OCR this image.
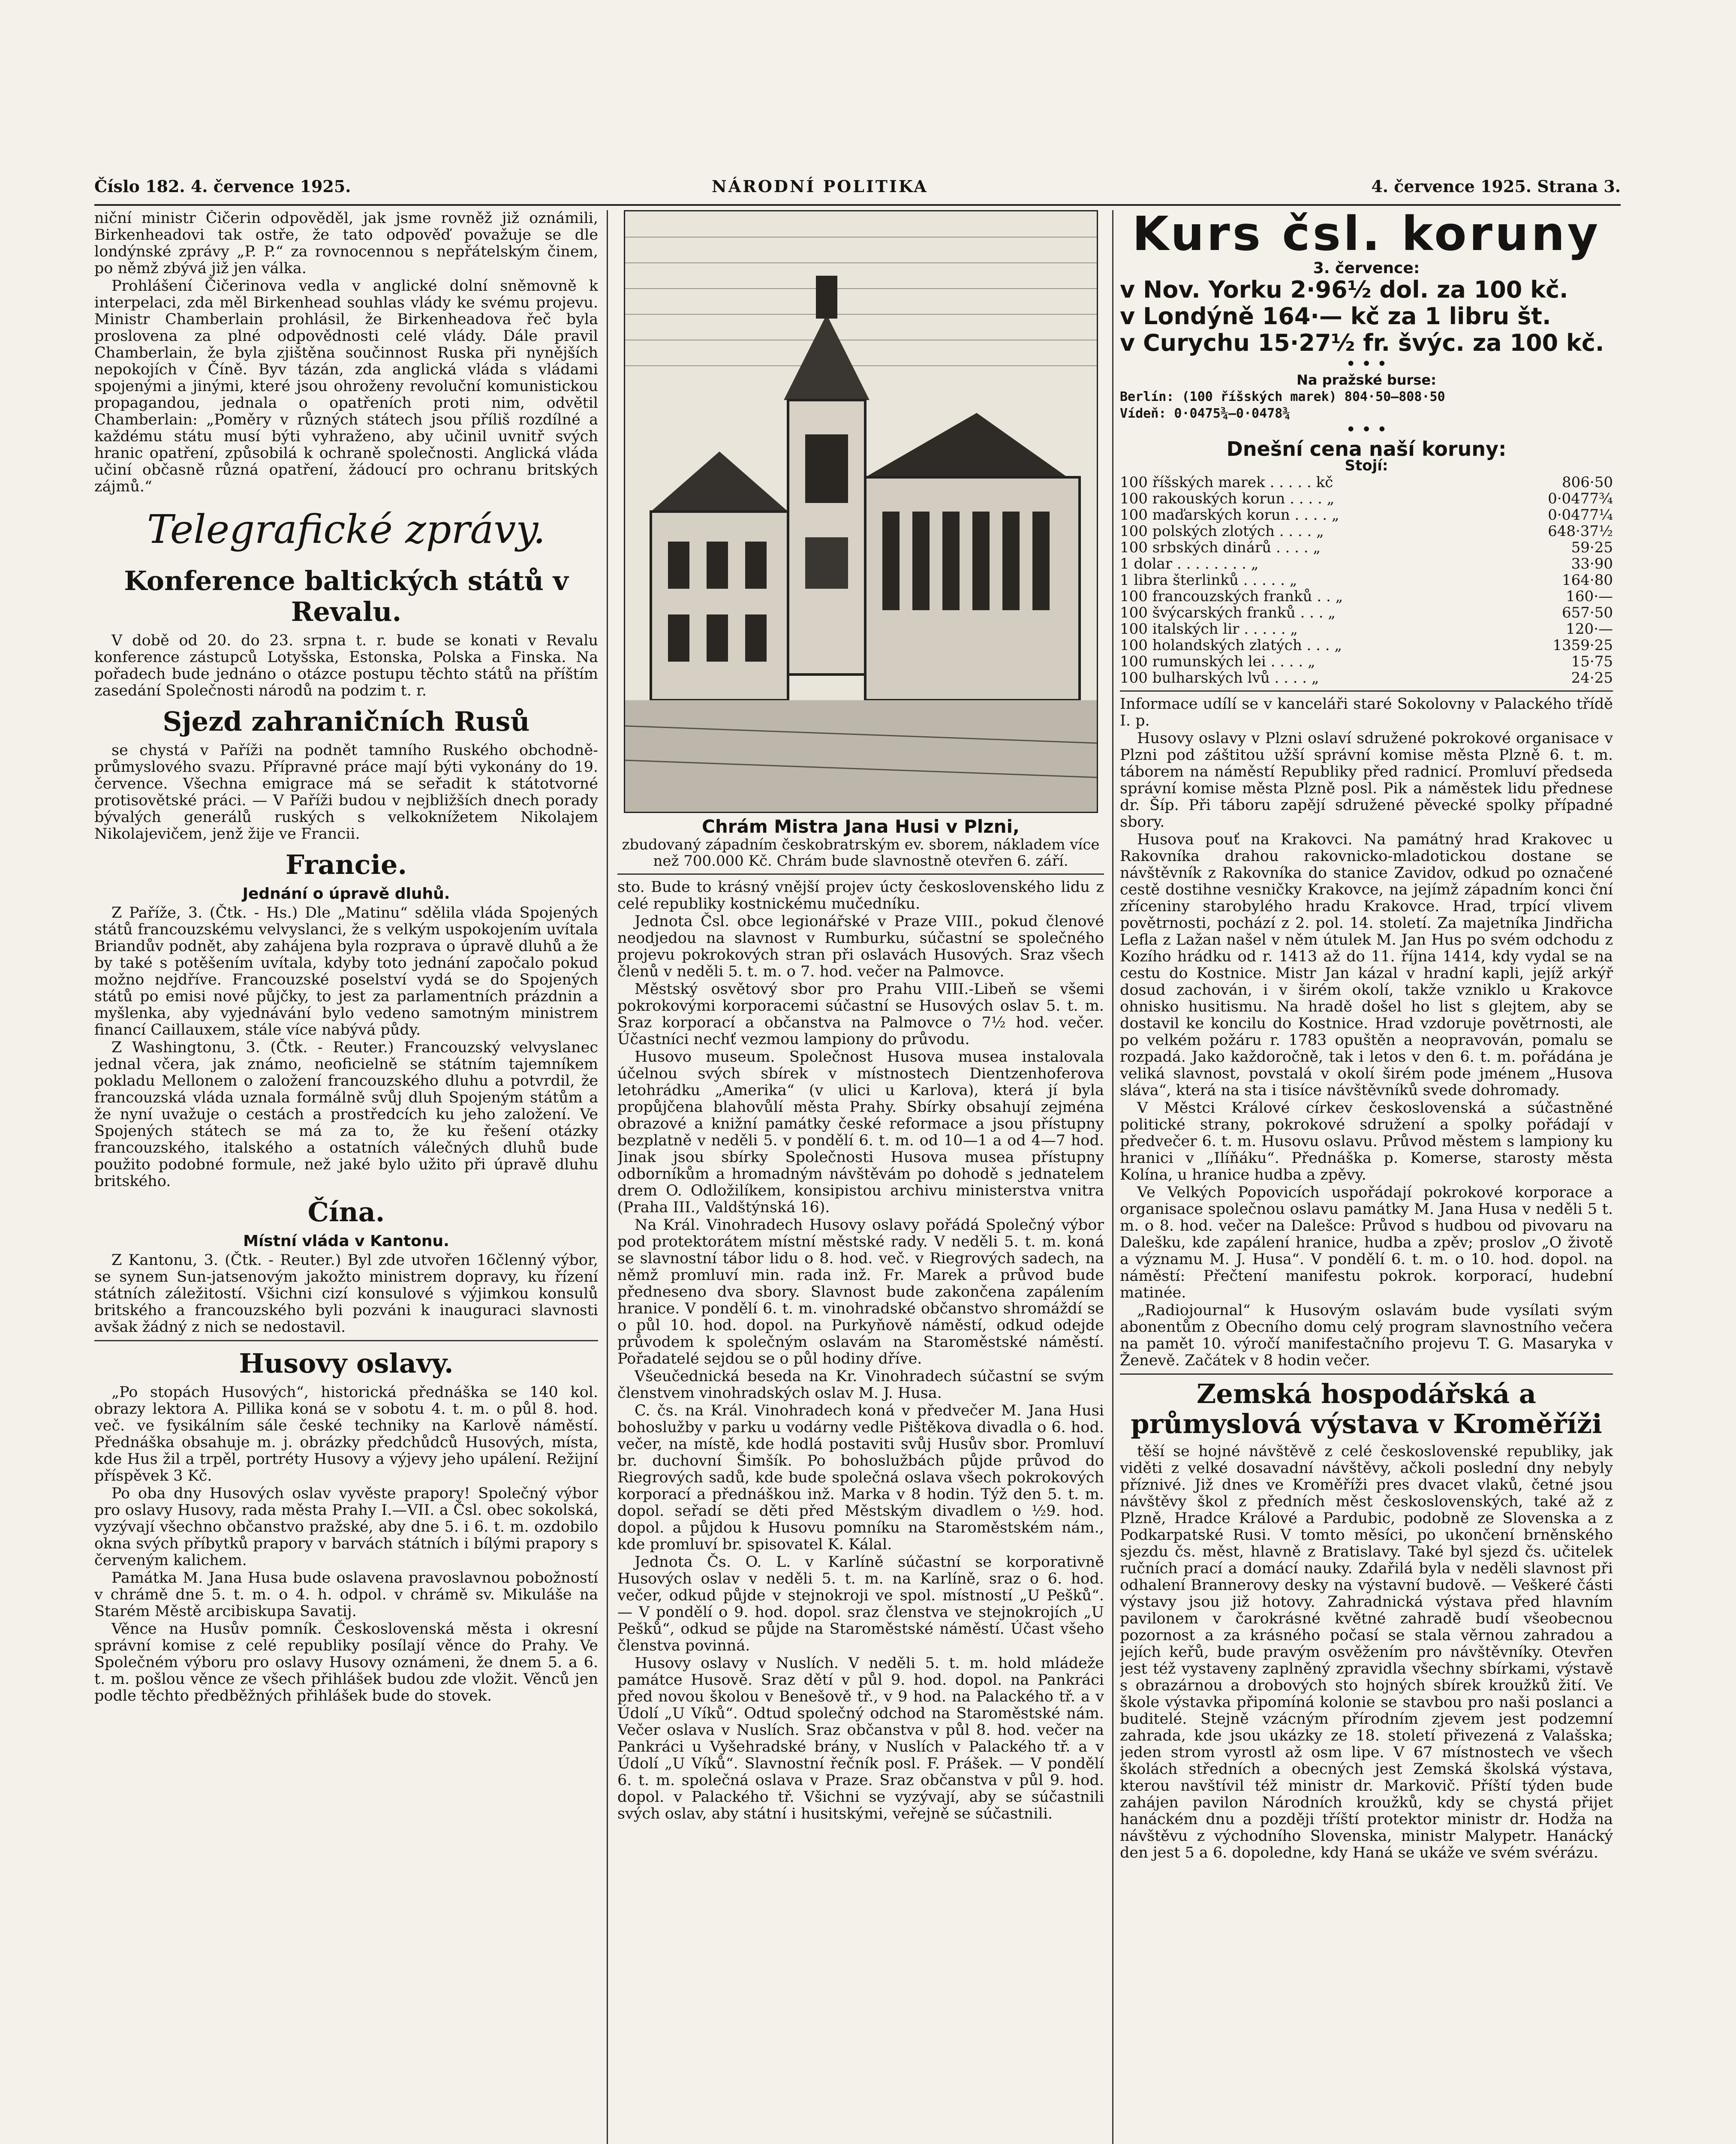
Číslo 182. 4. července 1925.	NÁRODNÍ POLITIKA	4. července 1925. Strana 3.

niční ministr Čičerin odpověděl, jak jsme rovněž již oznámili, Birkenheadovi tak ostře, že tato odpověď považuje se dle londýnské zprávy „P. P.“ za rovnocennou s nepřátelským činem, po němž zbývá již jen válka.

Prohlášení Čičerinova vedla v anglické dolní sněmovně k interpelaci, zda měl Birkenhead souhlas vlády ke svému projevu. Ministr Chamberlain prohlásil, že Birkenheadova řeč byla proslovena za plné odpovědnosti celé vlády. Dále pravil Chamberlain, že byla zjištěna součinnost Ruska při nynějších nepokojích v Číně. Byv tázán, zda anglická vláda s vládami spojenými a jinými, které jsou ohroženy revoluční komunistickou propagandou, jednala o opatřeních proti nim, odvětil Chamberlain: „Poměry v různých státech jsou příliš rozdílné a každému státu musí býti vyhraženo, aby učinil uvnitř svých hranic opatření, způsobilá k ochraně společnosti. Anglická vláda učiní občasně různá opatření, žádoucí pro ochranu britských zájmů.“

Telegrafické zprávy.
Konference baltických států v Revalu.

V době od 20. do 23. srpna t. r. bude se konati v Revalu konference zástupců Lotyšska, Estonska, Polska a Finska. Na pořadech bude jednáno o otázce postupu těchto států na příštím zasedání Společnosti národů na podzim t. r.

Sjezd zahraničních Rusů

se chystá v Paříži na podnět tamního Ruského obchodně-průmyslového svazu. Přípravné práce mají býti vykonány do 19. července. Všechna emigrace má se seřadit k státotvorné protisovětské práci. — V Paříži budou v nejbližších dnech porady bývalých generálů ruských s velkoknížetem Nikolajem Nikolajevičem, jenž žije ve Francii.

Francie.
Jednání o úpravě dluhů.

Z Paříže, 3. (Čtk. - Hs.) Dle „Matinu“ sdělila vláda Spojených států francouzskému velvyslanci, že s velkým uspokojením uvítala Briandův podnět, aby zahájena byla rozprava o úpravě dluhů a že by také s potěšením uvítala, kdyby toto jednání započalo pokud možno nejdříve. Francouzské poselství vydá se do Spojených států po emisi nové půjčky, to jest za parlamentních prázdnin a myšlenka, aby vyjednávání bylo vedeno samotným ministrem financí Caillauxem, stále více nabývá půdy.

Z Washingtonu, 3. (Čtk. - Reuter.) Francouzský velvyslanec jednal včera, jak známo, neoficielně se státním tajemníkem pokladu Mellonem o založení francouzského dluhu a potvrdil, že francouzská vláda uznala formálně svůj dluh Spojeným státům a že nyní uvažuje o cestách a prostředcích ku jeho založení. Ve Spojených státech se má za to, že ku řešení otázky francouzského, italského a ostatních válečných dluhů bude použito podobné formule, než jaké bylo užito při úpravě dluhu britského.

Čína.
Místní vláda v Kantonu.

Z Kantonu, 3. (Čtk. - Reuter.) Byl zde utvořen 16členný výbor, se synem Sun-jatsenovým jakožto ministrem dopravy, ku řízení státních záležitostí. Všichni cizí konsulové s výjimkou konsulů britského a francouzského byli pozváni k inauguraci slavnosti avšak žádný z nich se nedostavil.

Husovy oslavy.

„Po stopách Husových“, historická přednáška se 140 kol. obrazy lektora A. Pillika koná se v sobotu 4. t. m. o půl 8. hod. več. ve fysikálním sále české techniky na Karlově náměstí. Přednáška obsahuje m. j. obrázky předchůdců Husových, místa, kde Hus žil a trpěl, portréty Husovy a výjevy jeho upálení. Režijní příspěvek 3 Kč.

Po oba dny Husových oslav vyvěste prapory! Společný výbor pro oslavy Husovy, rada města Prahy I.—VII. a Čsl. obec sokolská, vyzývají všechno občanstvo pražské, aby dne 5. i 6. t. m. ozdobilo okna svých příbytků prapory v barvách státních i bílými prapory s červeným kalichem.

Památka M. Jana Husa bude oslavena pravoslavnou pobožností v chrámě dne 5. t. m. o 4. h. odpol. v chrámě sv. Mikuláše na Starém Městě arcibiskupa Savatij.

Věnce na Husův pomník. Československá města i okresní správní komise z celé republiky posílají věnce do Prahy. Ve Společném výboru pro oslavy Husovy oznámeni, že dnem 5. a 6. t. m. pošlou věnce ze všech přihlášek budou zde vložit. Věnců jen podle těchto předběžných přihlášek bude do stovek.

Chrám Mistra Jana Husi v Plzni,
zbudovaný západním českobratrským ev. sborem, nákladem více než 700.000 Kč. Chrám bude slavnostně otevřen 6. září.

sto. Bude to krásný vnější projev úcty československého lidu z celé republiky kostnickému mučedníku.

Jednota Čsl. obce legionářské v Praze VIII., pokud členové neodjedou na slavnost v Rumburku, súčastní se společného projevu pokrokových stran při oslavách Husových. Sraz všech členů v neděli 5. t. m. o 7. hod. večer na Palmovce.

Městský osvětový sbor pro Prahu VIII.-Libeň se všemi pokrokovými korporacemi súčastní se Husových oslav 5. t. m. Sraz korporací a občanstva na Palmovce o 7½ hod. večer. Účastníci nechť vezmou lampiony do průvodu.

Husovo museum. Společnost Husova musea instalovala účelnou svých sbírek v místnostech Dientzenhoferova letohrádku „Amerika“ (v ulici u Karlova), která jí byla propůjčena blahovůlí města Prahy. Sbírky obsahují zejména obrazové a knižní památky české reformace a jsou přístupny bezplatně v neděli 5. v pondělí 6. t. m. od 10—1 a od 4—7 hod. Jinak jsou sbírky Společnosti Husova musea přístupny odborníkům a hromadným návštěvám po dohodě s jednatelem drem O. Odložilíkem, konsipistou archivu ministerstva vnitra (Praha III., Valdštýnská 16).

Na Král. Vinohradech Husovy oslavy pořádá Společný výbor pod protektorátem místní městské rady. V neděli 5. t. m. koná se slavnostní tábor lidu o 8. hod. več. v Riegrových sadech, na němž promluví min. rada inž. Fr. Marek a průvod bude předneseno dva sbory. Slavnost bude zakončena zapálením hranice. V pondělí 6. t. m. vinohradské občanstvo shromáždí se o půl 10. hod. dopol. na Purkyňově náměstí, odkud odejde průvodem k společným oslavám na Staroměstské náměstí. Pořadatelé sejdou se o půl hodiny dříve.

Všeučednická beseda na Kr. Vinohradech súčastní se svým členstvem vinohradských oslav M. J. Husa.

C. čs. na Král. Vinohradech koná v předvečer M. Jana Husi bohoslužby v parku u vodárny vedle Pištěkova divadla o 6. hod. večer, na místě, kde hodlá postaviti svůj Husův sbor. Promluví br. duchovní Šimšík. Po bohoslužbách půjde průvod do Riegrových sadů, kde bude společná oslava všech pokrokových korporací a přednáškou inž. Marka v 8 hodin. Týž den 5. t. m. dopol. seřadí se děti před Městským divadlem o ½9. hod. dopol. a půjdou k Husovu pomníku na Staroměstském nám., kde promluví br. spisovatel K. Kálal.

Jednota Čs. O. L. v Karlíně súčastní se korporativně Husových oslav v neděli 5. t. m. na Karlíně, sraz o 6. hod. večer, odkud půjde v stejnokroji ve spol. místností „U Pešků“. — V pondělí o 9. hod. dopol. sraz členstva ve stejnokrojích „U Pešků“, odkud se půjde na Staroměstské náměstí. Účast všeho členstva povinná.

Husovy oslavy v Nuslích. V neděli 5. t. m. hold mládeže památce Husově. Sraz dětí v půl 9. hod. dopol. na Pankráci před novou školou v Benešově tř., v 9 hod. na Palackého tř. a v Údolí „U Víků“. Odtud společný odchod na Staroměstské nám. Večer oslava v Nuslích. Sraz občanstva v půl 8. hod. večer na Pankráci u Vyšehradské brány, v Nuslích v Palackého tř. a v Údolí „U Víků“. Slavnostní řečník posl. F. Prášek. — V pondělí 6. t. m. společná oslava v Praze. Sraz občanstva v půl 9. hod. dopol. v Palackého tř. Všichni se vyzývají, aby se súčastnili svých oslav, aby státní i husitskými, veřejně se súčastnili.

Kurs čsl. koruny
3. července:
v Nov. Yorku 2·96½ dol. za 100 kč.
v Londýně 164·— kč za 1 libru št.
v Curychu 15·27½ fr. švýc. za 100 kč.
• • •
Na pražské burse:
Berlín: (100 říšských marek) 804·50—808·50
Vídeň: 0·0475¾—0·0478¾
• • •
Dnešní cena naší koruny:
Stojí:
100 říšských marek . . . . . kč	806·50
100 rakouských korun . . . . „	0·0477¾
100 maďarských korun . . . . „	0·0477¼
100 polských zlotých . . . . „	648·37½
100 srbských dinárů . . . . „	59·25
1 dolar . . . . . . . . „	33·90
1 libra šterlinků . . . . . „	164·80
100 francouzských franků . . „	160·—
100 švýcarských franků . . . „	657·50
100 italských lir . . . . . „	120·—
100 holandských zlatých . . . „	1359·25
100 rumunských lei . . . . „	15·75
100 bulharských lvů . . . . „	24·25

Informace udílí se v kanceláři staré Sokolovny v Palackého třídě I. p.

Husovy oslavy v Plzni oslaví sdružené pokrokové organisace v Plzni pod záštitou užší správní komise města Plzně 6. t. m. táborem na náměstí Republiky před radnicí. Promluví předseda správní komise města Plzně posl. Pik a náměstek lidu přednese dr. Šíp. Při táboru zapějí sdružené pěvecké spolky případné sbory.

Husova pouť na Krakovci. Na památný hrad Krakovec u Rakovníka drahou rakovnicko-mladotickou dostane se návštěvník z Rakovníka do stanice Zavidov, odkud po označené cestě dostihne vesničky Krakovce, na jejímž západním konci ční zříceniny starobylého hradu Krakovce. Hrad, trpící vlivem povětrnosti, pochází z 2. pol. 14. století. Za majetníka Jindřicha Lefla z Lažan našel v něm útulek M. Jan Hus po svém odchodu z Kozího hrádku od r. 1413 až do 11. října 1414, kdy vydal se na cestu do Kostnice. Mistr Jan kázal v hradní kapli, jejíž arkýř dosud zachován, i v širém okolí, takže vzniklo u Krakovce ohnisko husitismu. Na hradě došel ho list s glejtem, aby se dostavil ke koncilu do Kostnice. Hrad vzdoruje povětrnosti, ale po velkém požáru r. 1783 opuštěn a neopravován, pomalu se rozpadá. Jako každoročně, tak i letos v den 6. t. m. pořádána je veliká slavnost, povstalá v okolí širém pode jménem „Husova sláva“, která na sta i tisíce návštěvníků svede dohromady.

V Městci Králové církev československá a súčastněné politické strany, pokrokové sdružení a spolky pořádají v předvečer 6. t. m. Husovu oslavu. Průvod městem s lampiony ku hranici v „Ilíňáku“. Přednáška p. Komerse, starosty města Kolína, u hranice hudba a zpěvy.

Ve Velkých Popovicích uspořádají pokrokové korporace a organisace společnou oslavu památky M. Jana Husa v neděli 5 t. m. o 8. hod. večer na Dalešce: Průvod s hudbou od pivovaru na Dalešku, kde zapálení hranice, hudba a zpěv; proslov „O životě a významu M. J. Husa“. V pondělí 6. t. m. o 10. hod. dopol. na náměstí: Přečtení manifestu pokrok. korporací, hudební matinée.

„Radiojournal“ k Husovým oslavám bude vysílati svým abonentům z Obecního domu celý program slavnostního večera na pamět 10. výročí manifestačního projevu T. G. Masaryka v Ženevě. Začátek v 8 hodin večer.

Zemská hospodářská a průmyslová výstava v Kroměříži

těší se hojné návštěvě z celé československé republiky, jak viděti z velké dosavadní návštěvy, ačkoli poslední dny nebyly příznivé. Již dnes ve Kroměříži pres dvacet vlaků, četné jsou návštěvy škol z předních měst československých, také až z Plzně, Hradce Králové a Pardubic, podobně ze Slovenska a z Podkarpatské Rusi. V tomto měsíci, po ukončení brněnského sjezdu čs. měst, hlavně z Bratislavy. Také byl sjezd čs. učitelek ručních prací a domácí nauky. Zdařilá byla v neděli slavnost při odhalení Brannerovy desky na výstavní budově. — Veškeré části výstavy jsou již hotovy. Zahradnická výstava před hlavním pavilonem v čarokrásné květné zahradě budí všeobecnou pozornost a za krásného počasí se stala věrnou zahradou a jejích keřů, bude pravým osvěžením pro návštěvníky. Otevřen jest též vystaveny zaplněný zpravidla všechny sbírkami, výstavě s obrazárnou a drobových sto hojných sbírek kroužků žití. Ve škole výstavka připomíná kolonie se stavbou pro naši poslanci a buditelé. Stejně vzácným přírodním zjevem jest podzemní zahrada, kde jsou ukázky ze 18. století přivezená z Valašska; jeden strom vyrostl až osm lipe. V 67 místnostech ve všech školách středních a obecných jest Zemská školská výstava, kterou navštívil též ministr dr. Markovič. Příští týden bude zahájen pavilon Národních kroužků, kdy se chystá přijet hanáckém dnu a později tříští protektor ministr dr. Hodža na návštěvu z východního Slovenska, ministr Malypetr. Hanácký den jest 5 a 6. dopoledne, kdy Haná se ukáže ve svém svérázu.
